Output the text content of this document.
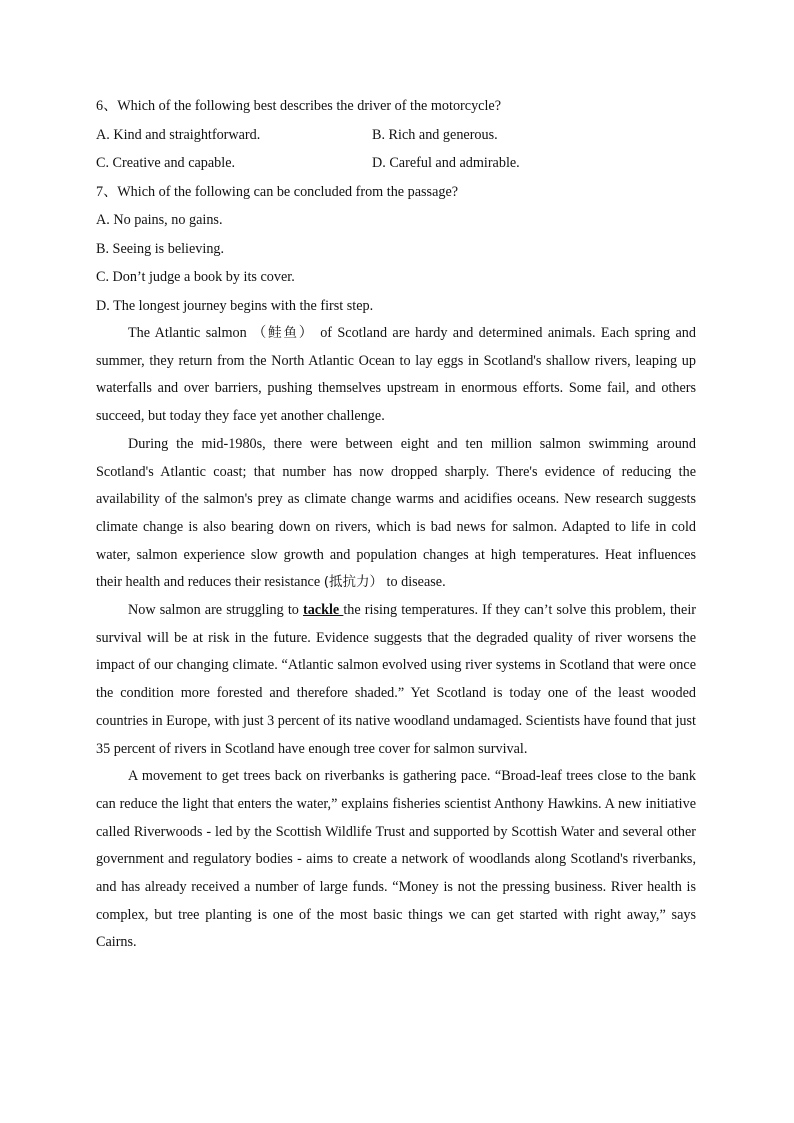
6、Which of the following best describes the driver of the motorcycle?
A. Kind and straightforward.	B. Rich and generous.
C. Creative and capable.	D. Careful and admirable.
7、Which of the following can be concluded from the passage?
A. No pains, no gains.
B. Seeing is believing.
C. Don’t judge a book by its cover.
D. The longest journey begins with the first step.

The Atlantic salmon （鲑鱼） of Scotland are hardy and determined animals. Each spring and summer, they return from the North Atlantic Ocean to lay eggs in Scotland's shallow rivers, leaping up waterfalls and over barriers, pushing themselves upstream in enormous efforts. Some fail, and others succeed, but today they face yet another challenge.

During the mid-1980s, there were between eight and ten million salmon swimming around Scotland's Atlantic coast; that number has now dropped sharply. There's evidence of reducing the availability of the salmon's prey as climate change warms and acidifies oceans. New research suggests climate change is also bearing down on rivers, which is bad news for salmon. Adapted to life in cold water, salmon experience slow growth and population changes at high temperatures. Heat influences their health and reduces their resistance (抵抗力） to disease.

Now salmon are struggling to tackle the rising temperatures. If they can’t solve this problem, their survival will be at risk in the future. Evidence suggests that the degraded quality of river worsens the impact of our changing climate. “Atlantic salmon evolved using river systems in Scotland that were once the condition more forested and therefore shaded.” Yet Scotland is today one of the least wooded countries in Europe, with just 3 percent of its native woodland undamaged. Scientists have found that just 35 percent of rivers in Scotland have enough tree cover for salmon survival.

A movement to get trees back on riverbanks is gathering pace. “Broad-leaf trees close to the bank can reduce the light that enters the water,” explains fisheries scientist Anthony Hawkins. A new initiative called Riverwoods - led by the Scottish Wildlife Trust and supported by Scottish Water and several other government and regulatory bodies - aims to create a network of woodlands along Scotland's riverbanks, and has already received a number of large funds. “Money is not the pressing business. River health is complex, but tree planting is one of the most basic things we can get started with right away,” says Cairns.
